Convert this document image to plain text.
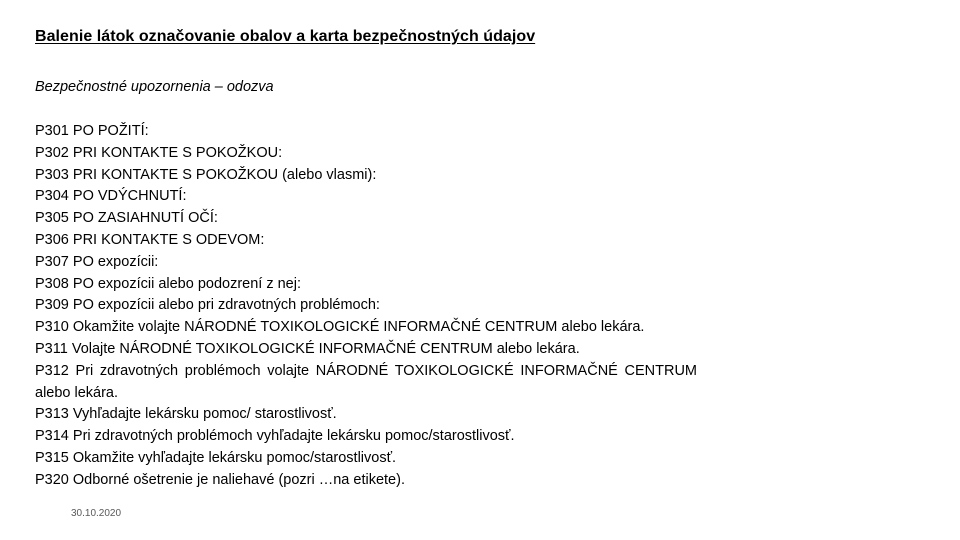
Balenie látok označovanie obalov a karta bezpečnostných údajov
Bezpečnostné upozornenia – odozva
P301 PO POŽITÍ:
P302 PRI KONTAKTE S POKOŽKOU:
P303 PRI KONTAKTE S POKOŽKOU (alebo vlasmi):
P304 PO VDÝCHNUTÍ:
P305 PO ZASIAHNUTÍ OČÍ:
P306 PRI KONTAKTE S ODEVOM:
P307 PO expozícii:
P308 PO expozícii alebo podozrení z nej:
P309 PO expozícii alebo pri zdravotných problémoch:
P310 Okamžite volajte NÁRODNÉ TOXIKOLOGICKÉ INFORMAČNÉ CENTRUM alebo lekára.
P311 Volajte NÁRODNÉ TOXIKOLOGICKÉ INFORMAČNÉ CENTRUM alebo lekára.
P312 Pri zdravotných problémoch volajte NÁRODNÉ TOXIKOLOGICKÉ INFORMAČNÉ CENTRUM alebo lekára.
P313 Vyhľadajte lekársku pomoc/ starostlivosť.
P314 Pri zdravotných problémoch vyhľadajte lekársku pomoc/starostlivosť.
P315 Okamžite vyhľadajte lekársku pomoc/starostlivosť.
P320 Odborné ošetrenie je naliehavé (pozri …na etikete).
30.10.2020
